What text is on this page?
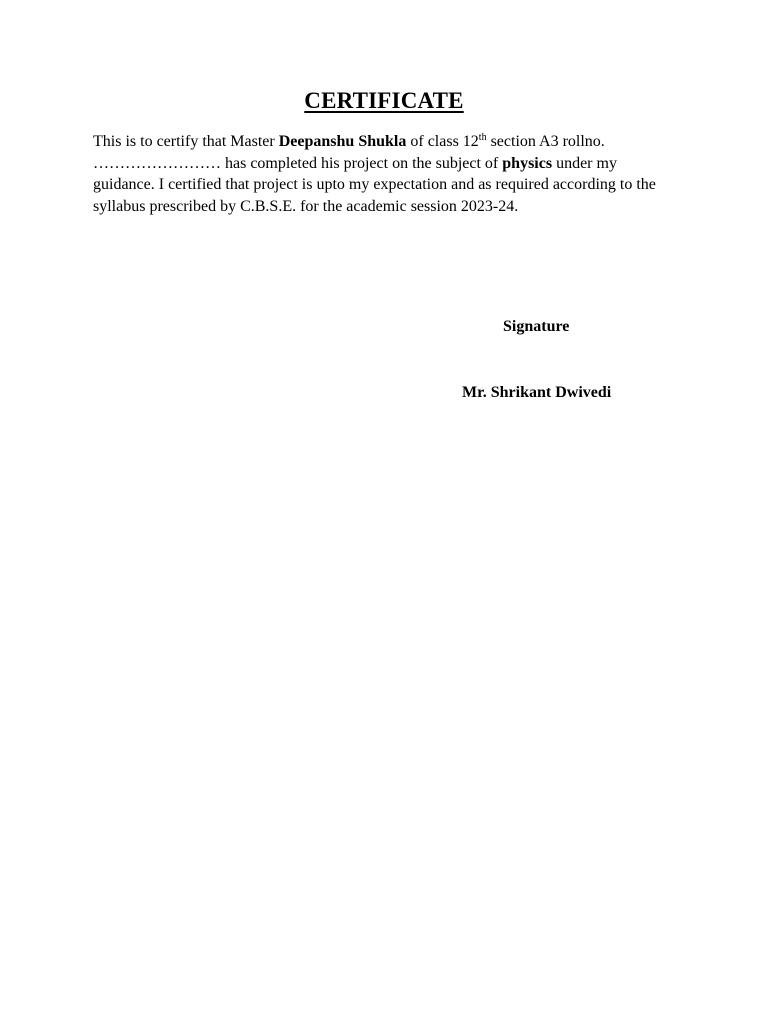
CERTIFICATE
This is to certify that Master Deepanshu Shukla of class 12th section A3 rollno.
…………………… has completed his project on the subject of physics under my guidance. I certified that project is upto my expectation and as required according to the syllabus prescribed by C.B.S.E. for the academic session 2023-24.
Signature
Mr. Shrikant Dwivedi
